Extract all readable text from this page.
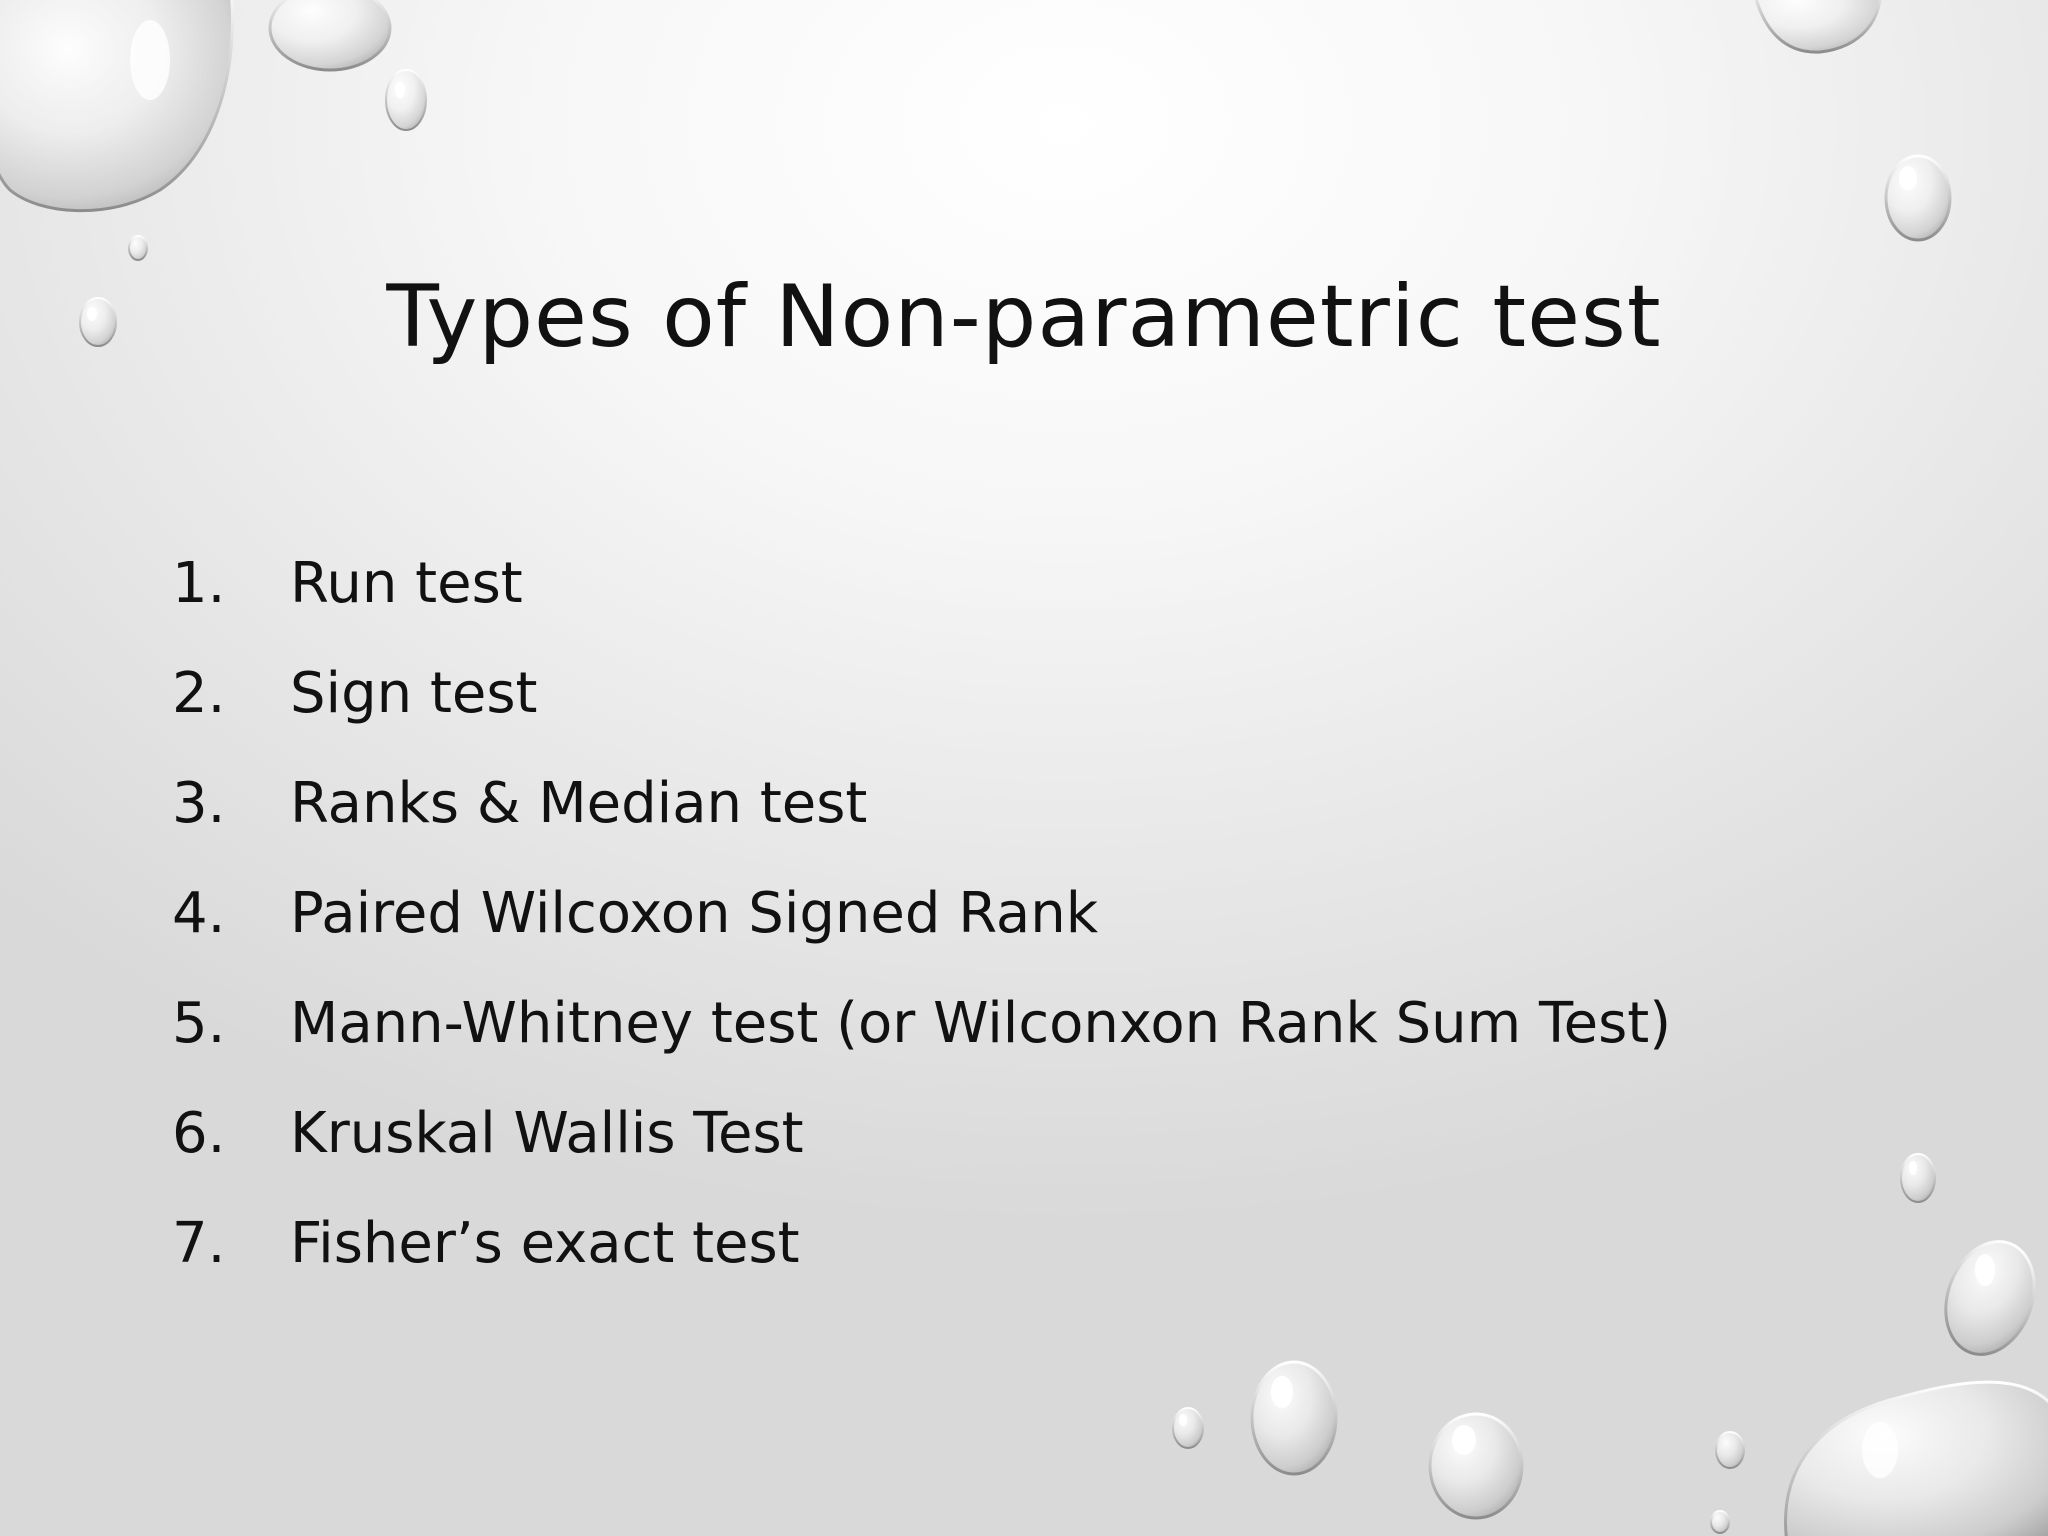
Types of Non-parametric test
1.	Run test
2.	Sign test
3.	Ranks & Median test
4.	Paired Wilcoxon Signed Rank
5.	Mann-Whitney test (or Wilconxon Rank Sum Test)
6.	Kruskal Wallis Test
7.	Fisher’s exact test
